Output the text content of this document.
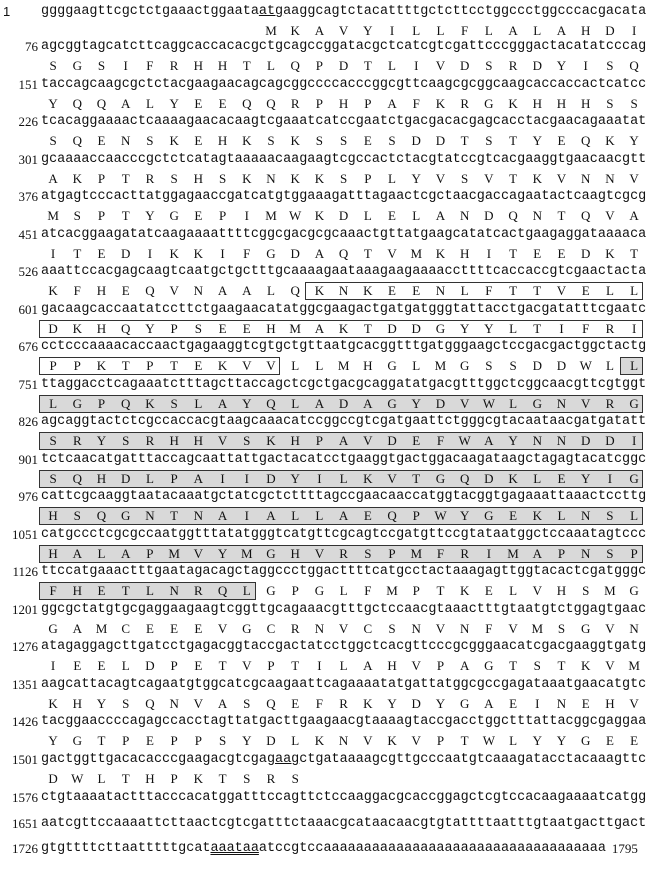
1 ggggaagttcgctctgaaactggaataatgaaggcagtctacattttgctcttcctggccctggcccacgacata
76 agcggtagcatcttcaggcaccacacgctgcagccggatacgctcatcgtcgattcccgggactacatatcccag
151 taccagcaagcgctctacgaagaacagcagcggccccacccggcgttcaagcgcggcaagcaccaccactcatcc
226 tcacaggaaaactcaaaagaacacaagtcgaaatcatccgaatctgacgacacgagcacctacgaacagaaatat
301 gcaaaaccaacccgctctcatagtaaaaacaagaagtcgccactctacgtatccgtcacgaaggtgaacaacgtt
376 atgagtcccacttatggagaaccgatcatgtggaaagatttagaactcgctaacgaccagaatactcaagtcgcg
451 atcacggaagatatcaagaaaattttcggcgacgcgcaaactgttatgaagcatatcactgaagaggataaaaca
526 aaattccacgagcaagtcaatgctgctttgcaaaagaataaagaagaaaaccttttcaccaccgtcgaactacta
601 gacaagcaccaatatccttctgaagaacatatggcgaagactgatgatgggtattacctgacgatatttcgaatc
676 cctcccaaaacaccaactgagaaggtcgtgctgttaatgcacggtttgatgggaagctccgacgactggctactg
751 ttaggacctcagaaatctttagcttaccagctcgctgacgcaggatatgacgtttggctcggcaacgttcgtggt
826 agcaggtactctcgccaccacgtaagcaaacatccggccgtcgatgaattctgggcgtacaataacgatgatatt
901 tctcaacatgatttaccagcaattattgactacatcctgaaggtgactggacaagataagctagagtacatcggc
976 cattcgcaaggtaatacaaatgctatcgctcttttagccgaacaaccatggtacggtgagaaattaaactccttg
1051 catgccctcgcgccaatggtttatatgggtcatgttcgcagtccgatgttccgtataatggctccaaatagtccc
1126 ttccatgaaactttgaatagacagctaggccctggacttttcatgcctactaaagagttggtacactcgatgggc
1201 ggcgctatgtgcgaggaagaagtcggttgcagaaacgtttgctccaacgtaaactttgtaatgtctggagtgaac
1276 atagaggagcttgatcctgagacggtaccgactatcctggctcacgttcccgcgggaacatcgacgaaggtgatg
1351 aagcattacagtcagaatgtggcatcgcaagaattcagaaaatatgattatggcgccgagataaatgaacatgtc
1426 tacggaaccccagagccacctagttatgacttgaagaacgtaaaagtaccgacctggctttattacggcgaggaa
1501 gactggttgacacacccgaagacgtcgagaagctgataaaagcgttgcccaatgtcaaagatacctacaaagttc
1576 ctgtaaaatactttacccacatggatttccagttctccaaggacgcaccggagctcgtccacaagaaaatcatgg
1651 aatcgttccaaaattcttaactcgtcgatttctaaacgcataacaacgtgtattttaatttgtaatgacttgact
1726 gtgttttcttaatttttgcataaataaatccgtccaaaaaaaaaaaaaaaaaaaaaaaaaaaaaaaaaaa 1795
M	K	A	V	Y	I	L	L	F	L	A	L	A	H	D	I
S	G	S	I	F	R	H	H	T	L	Q	P	D	T	L	I	V	D	S	R	D	Y	I	S	Q
Y	Q	Q	A	L	Y	E	E	Q	Q	R	P	H	P	A	F	K	R	G	K	H	H	H	S	S
S	Q	E	N	S	K	E	H	K	S	K	S	S	E	S	D	D	T	S	T	Y	E	Q	K	Y
A	K	P	T	R	S	H	S	K	N	K	K	S	P	L	Y	V	S	V	T	K	V	N	N	V
M	S	P	T	Y	G	E	P	I	M W	K	D	L	E	L	A	N	D	Q	N	T	Q	V	A
I	T	E	D	I	K	K	I	F	G	D	A	Q	T	V	M	K	H	I	T	E	E	D	K	T
K	F	H	E	Q	V	N	A	A	L	Q	K	N	K	E	E	N	L	F	T	T	V	E	L	L
D	K	H	Q	Y	P	S	E	E	H	M	A	K	T	D	D	G	Y	Y	L	T	I	F	R	I
P	P	K	T	P	T	E	K	V	V	L	L	M	H	G	L	M	G	S	S	D	D	W	L	L
L	G	P	Q	K	S	L	A	Y	Q	L	A	D	A	G	Y	D	V	W	L	G	N	V	R	G
S	R	Y	S	R	H	H	V	S	K	H	P	A	V	D	E	F	W	A	Y	N	N	D	D	I
S	Q	H	D	L	P	A	I	I	D	Y	I	L	K	V	T	G	Q	D	K	L	E	Y	I	G
H	S	Q	G	N	T	N	A	I	A	L	L	A	E	Q	P	W	Y	G	E	K	L	N	S	L
H	A	L	A	P	M	V	Y	M	G	H	V	R	S	P	M	F	R	I	M	A	P	N	S	P
F	H	E	T	L	N	R	Q	L	G	P	G	L	F	M	P	T	K	E	L	V	H	S	M	G
G	A	M	C	E	E	E	V	G	C	R	N	V	C	S	N	V	N	F	V	M	S	G	V	N
I	E	E	L	D	P	E	T	V	P	T	I	L	A	H	V	P	A	G	T	S	T	K	V	M
K	H	Y	S	Q	N	V	A	S	Q	E	F	R	K	Y	D	Y	G	A	E	I	N	E	H	V
Y	G	T	P	E	P	P	S	Y	D	L	K	N	V	K	V	P	T	W	L	Y	Y	G	E	E
D	W	L	T	H	P	K	T	S	R	S
